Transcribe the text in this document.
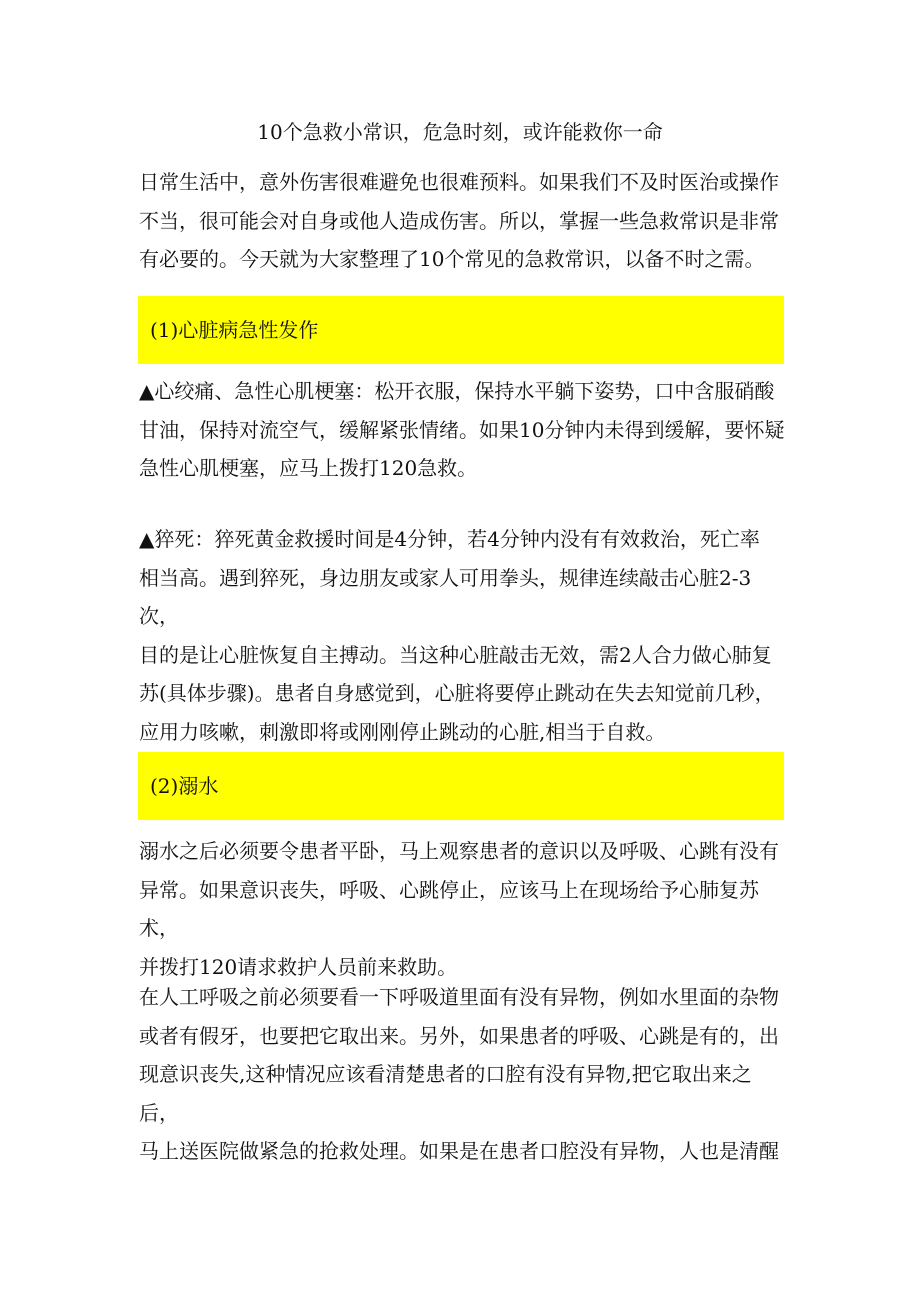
10个急救小常识，危急时刻，或许能救你一命
日常生活中，意外伤害很难避免也很难预料。如果我们不及时医治或操作
不当，很可能会对自身或他人造成伤害。所以，掌握一些急救常识是非常
有必要的。今天就为大家整理了10个常见的急救常识，以备不时之需。
(1)心脏病急性发作
▲心绞痛、急性心肌梗塞：松开衣服，保持水平躺下姿势，口中含服硝酸
甘油，保持对流空气，缓解紧张情绪。如果10分钟内未得到缓解，要怀疑
急性心肌梗塞，应马上拨打120急救。
▲猝死：猝死黄金救援时间是4分钟，若4分钟内没有有效救治，死亡率
相当高。遇到猝死，身边朋友或家人可用拳头，规律连续敲击心脏2-3次，
目的是让心脏恢复自主搏动。当这种心脏敲击无效，需2人合力做心肺复
苏(具体步骤)。患者自身感觉到，心脏将要停止跳动在失去知觉前几秒，
应用力咳嗽，刺激即将或刚刚停止跳动的心脏,相当于自救。
(2)溺水
溺水之后必须要令患者平卧，马上观察患者的意识以及呼吸、心跳有没有
异常。如果意识丧失，呼吸、心跳停止，应该马上在现场给予心肺复苏术，
并拨打120请求救护人员前来救助。
在人工呼吸之前必须要看一下呼吸道里面有没有异物，例如水里面的杂物
或者有假牙，也要把它取出来。另外，如果患者的呼吸、心跳是有的，出
现意识丧失,这种情况应该看清楚患者的口腔有没有异物,把它取出来之后，
马上送医院做紧急的抢救处理。如果是在患者口腔没有异物，人也是清醒
